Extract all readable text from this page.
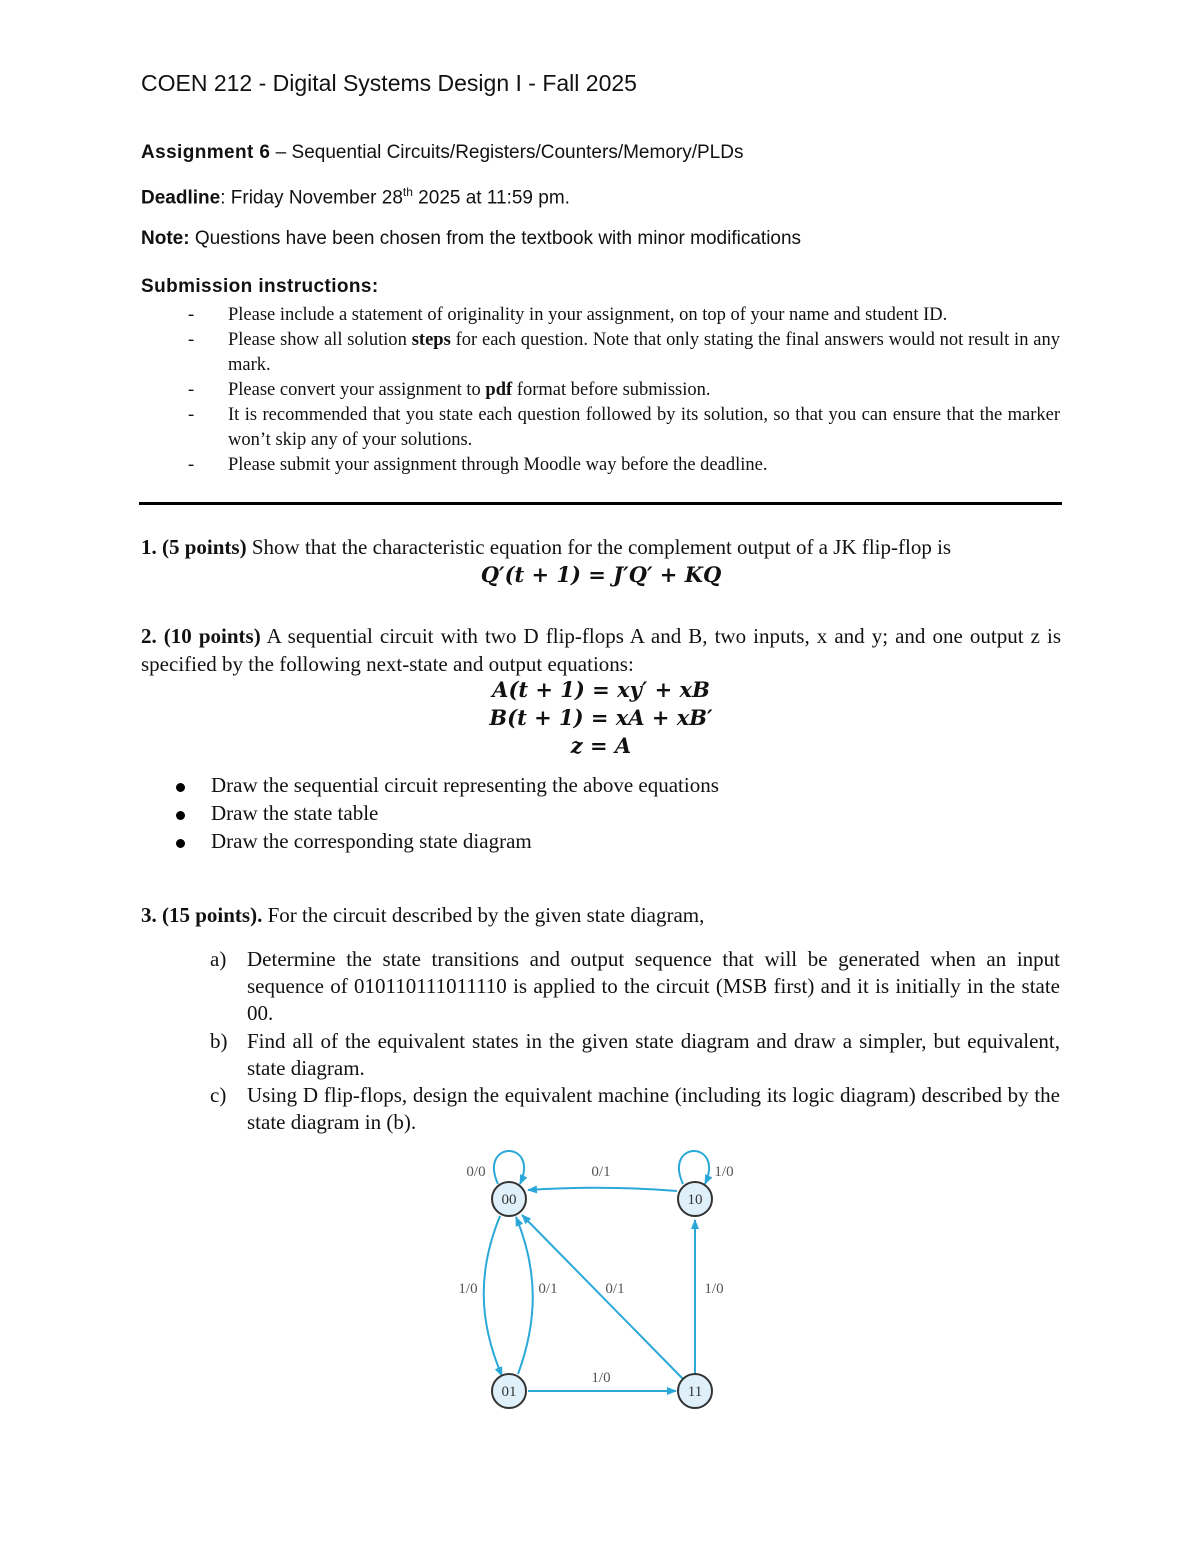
COEN 212 - Digital Systems Design I - Fall 2025
Assignment 6 – Sequential Circuits/Registers/Counters/Memory/PLDs
Deadline: Friday November 28th 2025 at 11:59 pm.
Note: Questions have been chosen from the textbook with minor modifications
Submission instructions:
- Please include a statement of originality in your assignment, on top of your name and student ID.
- Please show all solution steps for each question. Note that only stating the final answers would not result in any mark.
- Please convert your assignment to pdf format before submission.
- It is recommended that you state each question followed by its solution, so that you can ensure that the marker won’t skip any of your solutions.
- Please submit your assignment through Moodle way before the deadline.
1. (5 points) Show that the characteristic equation for the complement output of a JK flip-flop is
Q′(t + 1) = J′Q′ + KQ
2. (10 points) A sequential circuit with two D flip-flops A and B, two inputs, x and y; and one output z is specified by the following next-state and output equations:
A(t + 1) = xy′ + xB
B(t + 1) = xA + xB′
z = A
Draw the sequential circuit representing the above equations
Draw the state table
Draw the corresponding state diagram
3. (15 points). For the circuit described by the given state diagram,
a) Determine the state transitions and output sequence that will be generated when an input sequence of 010110111011110 is applied to the circuit (MSB first) and it is initially in the state 00.
b) Find all of the equivalent states in the given state diagram and draw a simpler, but equivalent, state diagram.
c) Using D flip-flops, design the equivalent machine (including its logic diagram) described by the state diagram in (b).
00	10
01	11
0/0	0/1	1/0
1/0	0/1	0/1	1/0
1/0
